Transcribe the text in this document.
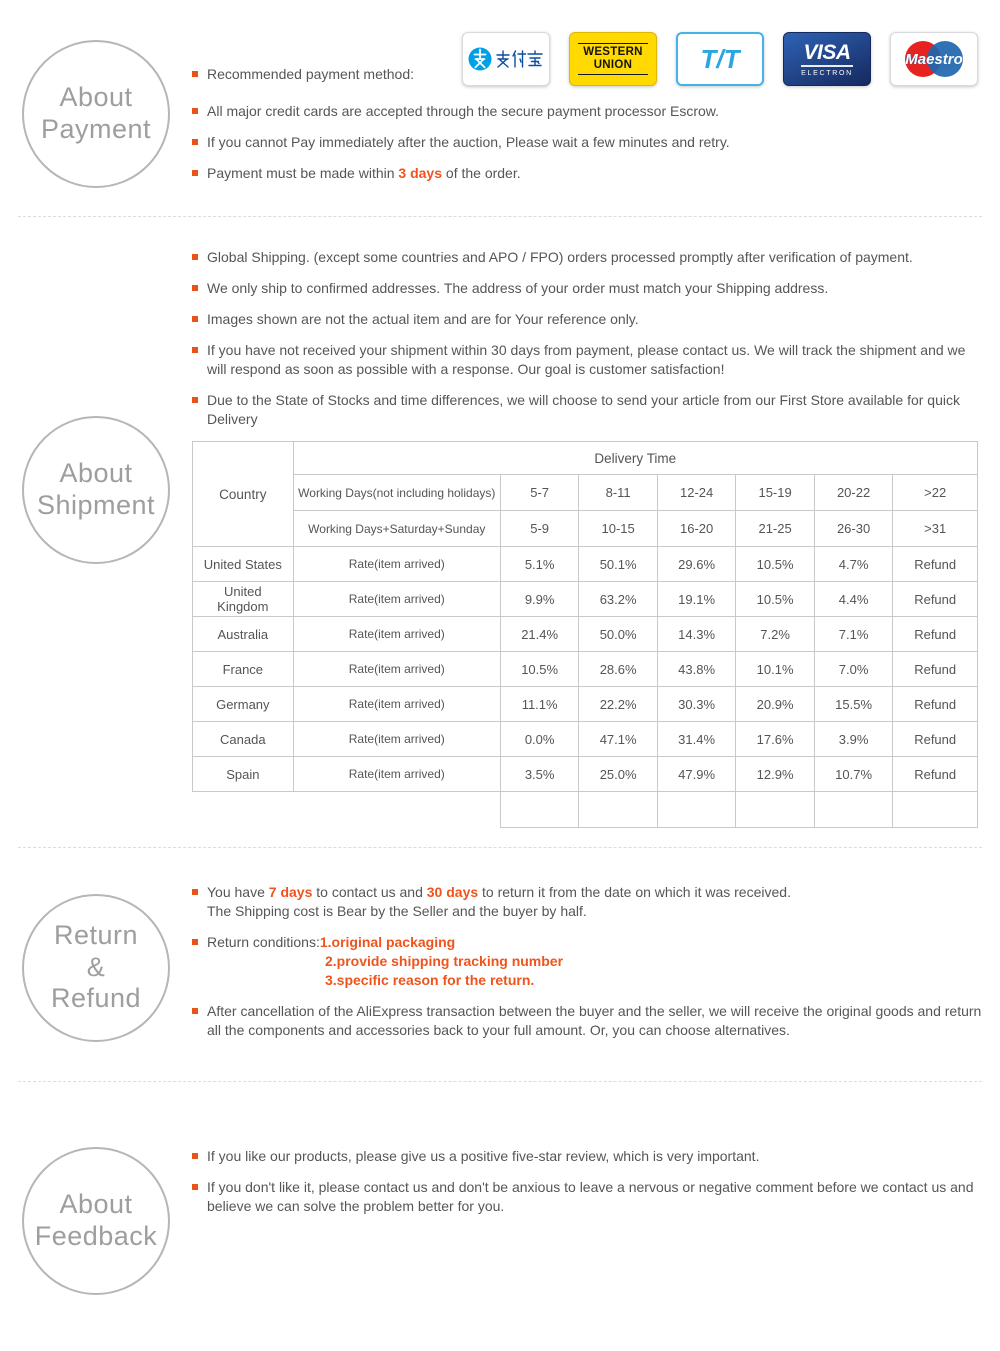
About
Payment
Recommended payment method:
WESTERN
UNION	T/T	VISA
ELECTRON
Maestro
All major credit cards are accepted through the secure payment processor Escrow.
If you cannot Pay immediately after the auction, Please wait a few minutes and retry.
Payment must be made within 3 days of the order.
About
Shipment
Global Shipping. (except some countries and APO / FPO) orders processed promptly after verification of payment.
We only ship to confirmed addresses. The address of your order must match your Shipping address.
Images shown are not the actual item and are for Your reference only.
If you have not received your shipment within 30 days from payment, please contact us. We will track the shipment and we will respond as soon as possible with a response. Our goal is customer satisfaction!
Due to the State of Stocks and time differences, we will choose to send your article from our First Store available for quick Delivery
Country	Delivery Time						
	Working Days(not including holidays)	5-7	8-11	12-24	15-19	20-22	>22
	Working Days+Saturday+Sunday	5-9	10-15	16-20	21-25	26-30	>31
United States	Rate(item arrived)	5.1%	50.1%	29.6%	10.5%	4.7%	Refund
United Kingdom	Rate(item arrived)	9.9%	63.2%	19.1%	10.5%	4.4%	Refund
Australia	Rate(item arrived)	21.4%	50.0%	14.3%	7.2%	7.1%	Refund
France	Rate(item arrived)	10.5%	28.6%	43.8%	10.1%	7.0%	Refund
Germany	Rate(item arrived)	11.1%	22.2%	30.3%	20.9%	15.5%	Refund
Canada	Rate(item arrived)	0.0%	47.1%	31.4%	17.6%	3.9%	Refund
Spain	Rate(item arrived)	3.5%	25.0%	47.9%	12.9%	10.7%	Refund

Return
&
Refund
You have 7 days to contact us and 30 days to return it from the date on which it was received.
The Shipping cost is Bear by the Seller and the buyer by half.
Return conditions:1.original packaging
2.provide shipping tracking number
3.specific reason for the return.
After cancellation of the AliExpress transaction between the buyer and the seller, we will receive the original goods and return all the components and accessories back to your full amount. Or, you can choose alternatives.
About
Feedback
If you like our products, please give us a positive five-star review, which is very important.
If you don't like it, please contact us and don't be anxious to leave a nervous or negative comment before we contact us and believe we can solve the problem better for you.
